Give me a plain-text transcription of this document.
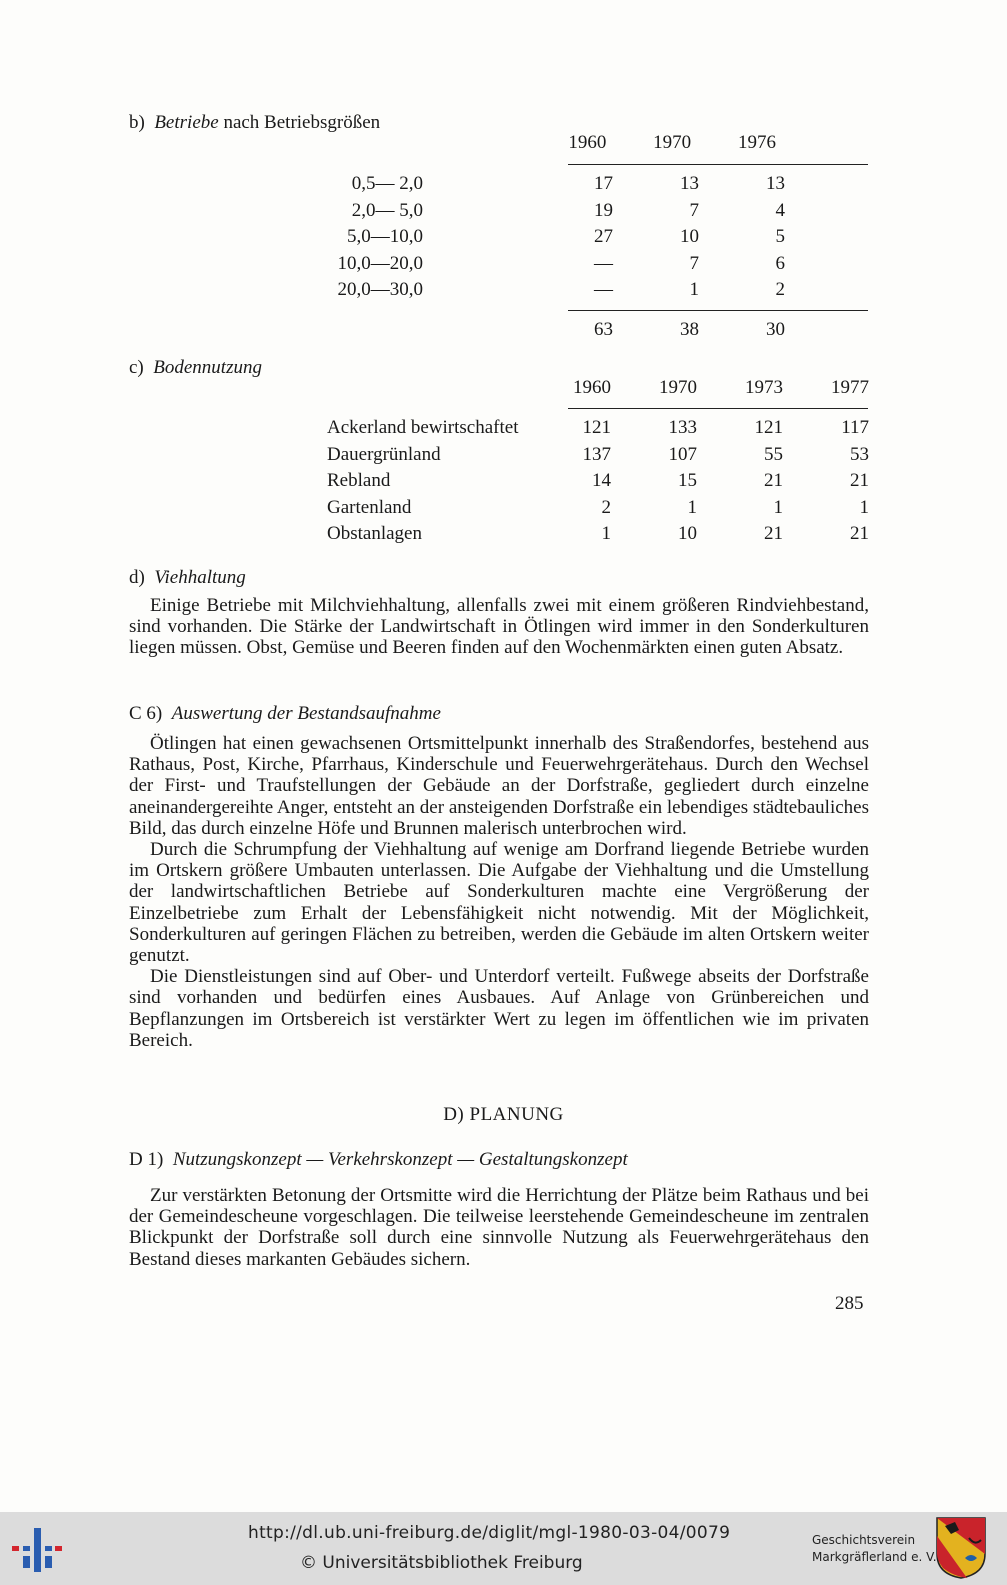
b) Betriebe nach Betriebsgrößen
	1960	1970	1976
0,5— 2,0	17	13	13
2,0— 5,0	19	7	4
5,0—10,0	27	10	5
10,0—20,0	—	7	6
20,0—30,0	—	1	2
	63	38	30
c) Bodennutzung
	1960	1970	1973	1977
Ackerland bewirtschaftet	121	133	121	117
Dauergrünland	137	107	55	53
Rebland	14	15	21	21
Gartenland	2	1	1	1
Obstanlagen	1	10	21	21
d) Viehhaltung

Einige Betriebe mit Milchviehhaltung, allenfalls zwei mit einem größeren Rindviehbestand, sind vorhanden. Die Stärke der Landwirtschaft in Ötlingen wird immer in den Sonderkulturen liegen müssen. Obst, Gemüse und Beeren finden auf den Wochenmärkten einen guten Absatz.

C 6) Auswertung der Bestandsaufnahme

Ötlingen hat einen gewachsenen Ortsmittelpunkt innerhalb des Straßendorfes, bestehend aus Rathaus, Post, Kirche, Pfarrhaus, Kinderschule und Feuerwehrgerätehaus. Durch den Wechsel der First- und Traufstellungen der Gebäude an der Dorfstraße, gegliedert durch einzelne aneinandergereihte Anger, entsteht an der ansteigenden Dorfstraße ein lebendiges städtebauliches Bild, das durch einzelne Höfe und Brunnen malerisch unterbrochen wird.

Durch die Schrumpfung der Viehhaltung auf wenige am Dorfrand liegende Betriebe wurden im Ortskern größere Umbauten unterlassen. Die Aufgabe der Viehhaltung und die Umstellung der landwirtschaftlichen Betriebe auf Sonderkulturen machte eine Vergrößerung der Einzelbetriebe zum Erhalt der Lebensfähigkeit nicht notwendig. Mit der Möglichkeit, Sonderkulturen auf geringen Flächen zu betreiben, werden die Gebäude im alten Ortskern weiter genutzt.

Die Dienstleistungen sind auf Ober- und Unterdorf verteilt. Fußwege abseits der Dorfstraße sind vorhanden und bedürfen eines Ausbaues. Auf Anlage von Grünbereichen und Bepflanzungen im Ortsbereich ist verstärkter Wert zu legen im öffentlichen wie im privaten Bereich.

D) PLANUNG
D 1) Nutzungskonzept — Verkehrskonzept — Gestaltungskonzept

Zur verstärkten Betonung der Ortsmitte wird die Herrichtung der Plätze beim Rathaus und bei der Gemeindescheune vorgeschlagen. Die teilweise leerstehende Gemeindescheune im zentralen Blickpunkt der Dorfstraße soll durch eine sinnvolle Nutzung als Feuerwehrgerätehaus den Bestand dieses markanten Gebäudes sichern.

285
http://dl.ub.uni-freiburg.de/diglit/mgl-1980-03-04/0079
© Universitätsbibliothek Freiburg
Geschichtsverein
Markgräflerland e. V.
